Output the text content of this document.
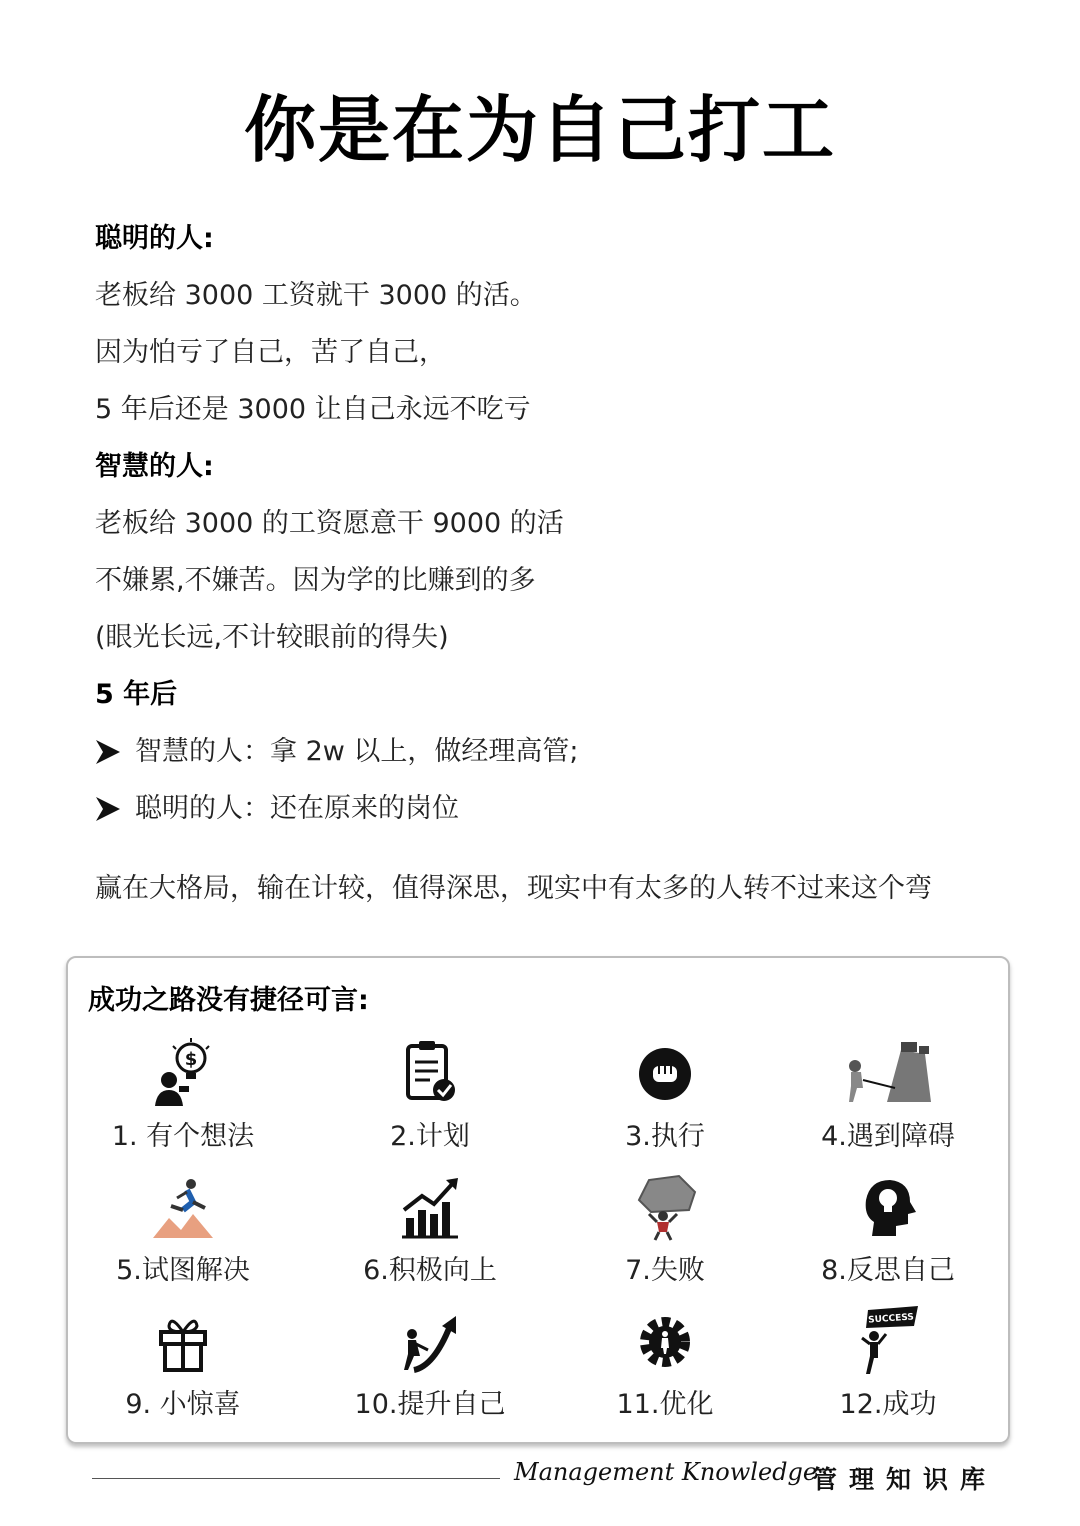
你是在为自己打工
聪明的人:
老板给 3000 工资就干 3000 的活。
因为怕亏了自己，苦了自己，
5 年后还是 3000 让自己永远不吃亏
智慧的人:
老板给 3000 的工资愿意干 9000 的活
不嫌累,不嫌苦。因为学的比赚到的多
(眼光长远,不计较眼前的得失)
5 年后
智慧的人：拿 2w 以上，做经理高管;
聪明的人：还在原来的岗位
赢在大格局，输在计较，值得深思，现实中有太多的人转不过来这个弯
成功之路没有捷径可言:
$
1. 有个想法	2.计划	3.执行	4.遇到障碍
5.试图解决	6.积极向上	7.失败	8.反思自己
9. 小惊喜	10.提升自己	11.优化
SUCCESS
12.成功
Management Knowledge
管理知识库
